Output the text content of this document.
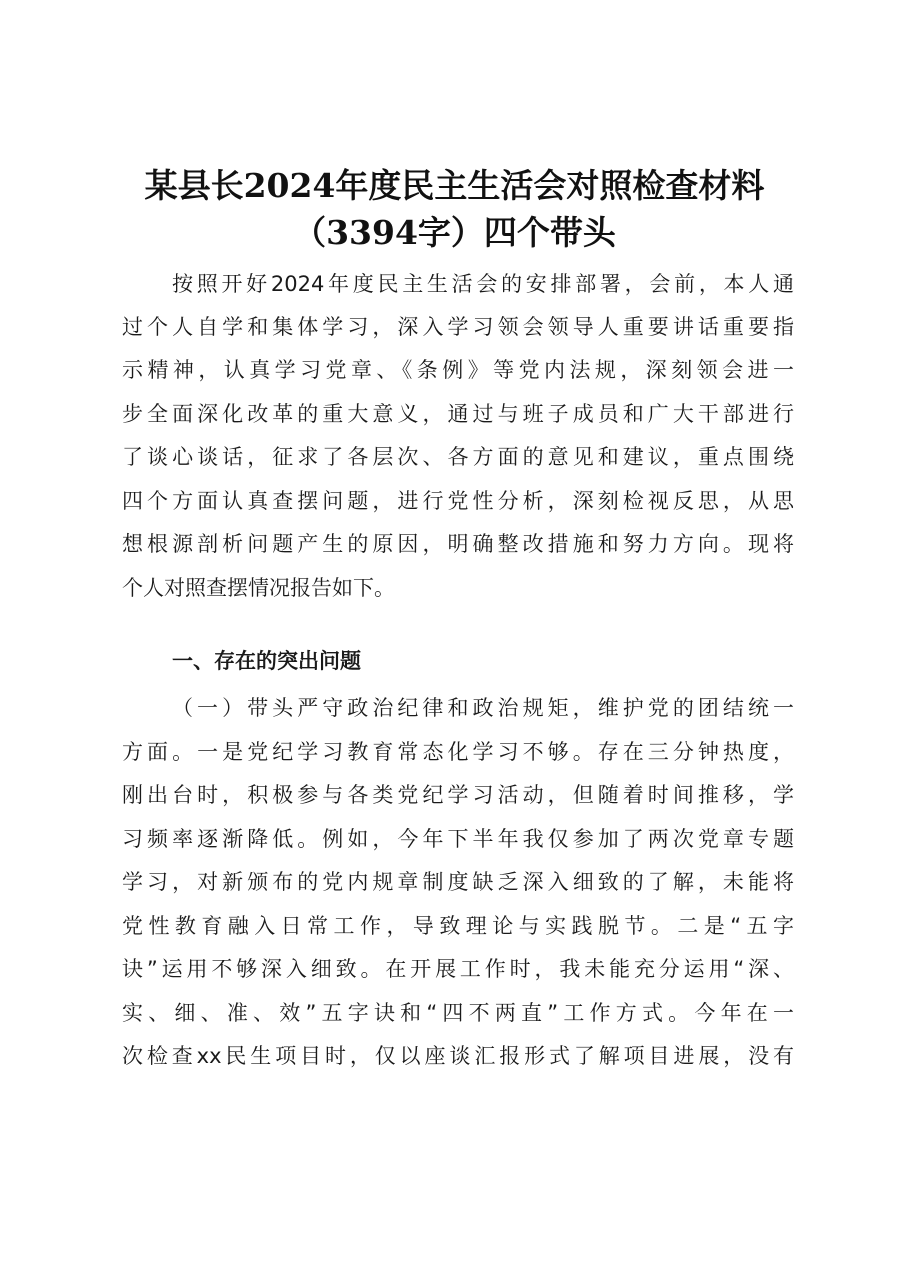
某县长2024年度民主生活会对照检查材料
（3394字）四个带头
按照开好2024年度民主生活会的安排部署，会前，本人通
过个人自学和集体学习，深入学习领会领导人重要讲话重要指
示精神，认真学习党章、《条例》等党内法规，深刻领会进一
步全面深化改革的重大意义，通过与班子成员和广大干部进行
了谈心谈话，征求了各层次、各方面的意见和建议，重点围绕
四个方面认真查摆问题，进行党性分析，深刻检视反思，从思
想根源剖析问题产生的原因，明确整改措施和努力方向。现将
个人对照查摆情况报告如下。
一、存在的突出问题
（一）带头严守政治纪律和政治规矩，维护党的团结统一
方面。一是党纪学习教育常态化学习不够。存在三分钟热度，
刚出台时，积极参与各类党纪学习活动，但随着时间推移，学
习频率逐渐降低。例如，今年下半年我仅参加了两次党章专题
学习，对新颁布的党内规章制度缺乏深入细致的了解，未能将
党性教育融入日常工作，导致理论与实践脱节。二是“五字
诀”运用不够深入细致。在开展工作时，我未能充分运用“深、
实、细、准、效”五字诀和“四不两直”工作方式。今年在一
次检查xx民生项目时，仅以座谈汇报形式了解项目进展，没有
